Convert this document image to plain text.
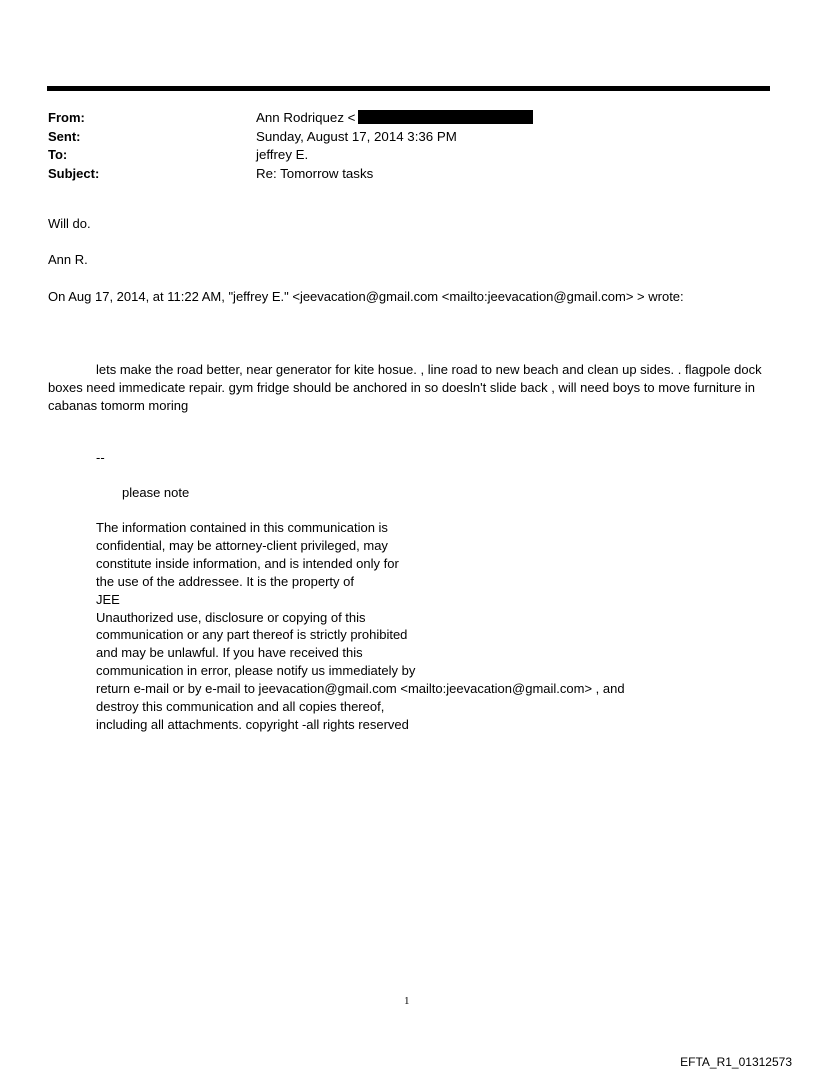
From:	Ann Rodriquez <
Sent:	Sunday, August 17, 2014 3:36 PM
To:	jeffrey E.
Subject:	Re: Tomorrow tasks
Will do.
Ann R.
On Aug 17, 2014, at 11:22 AM, "jeffrey E." <jeevacation@gmail.com <mailto:jeevacation@gmail.com> > wrote:
lets make the road better, near generator for kite hosue. , line road to new beach and clean up sides. . flagpole dock boxes need immedicate repair. gym fridge should be anchored in so doesln't slide back , will need boys to move furniture in cabanas tomorm moring
--
please note
The information contained in this communication is
confidential, may be attorney-client privileged, may
constitute inside information, and is intended only for
the use of the addressee. It is the property of
JEE
Unauthorized use, disclosure or copying of this
communication or any part thereof is strictly prohibited
and may be unlawful. If you have received this
communication in error, please notify us immediately by
return e-mail or by e-mail to jeevacation@gmail.com <mailto:jeevacation@gmail.com> , and
destroy this communication and all copies thereof,
including all attachments. copyright -all rights reserved
1
EFTA_R1_01312573
